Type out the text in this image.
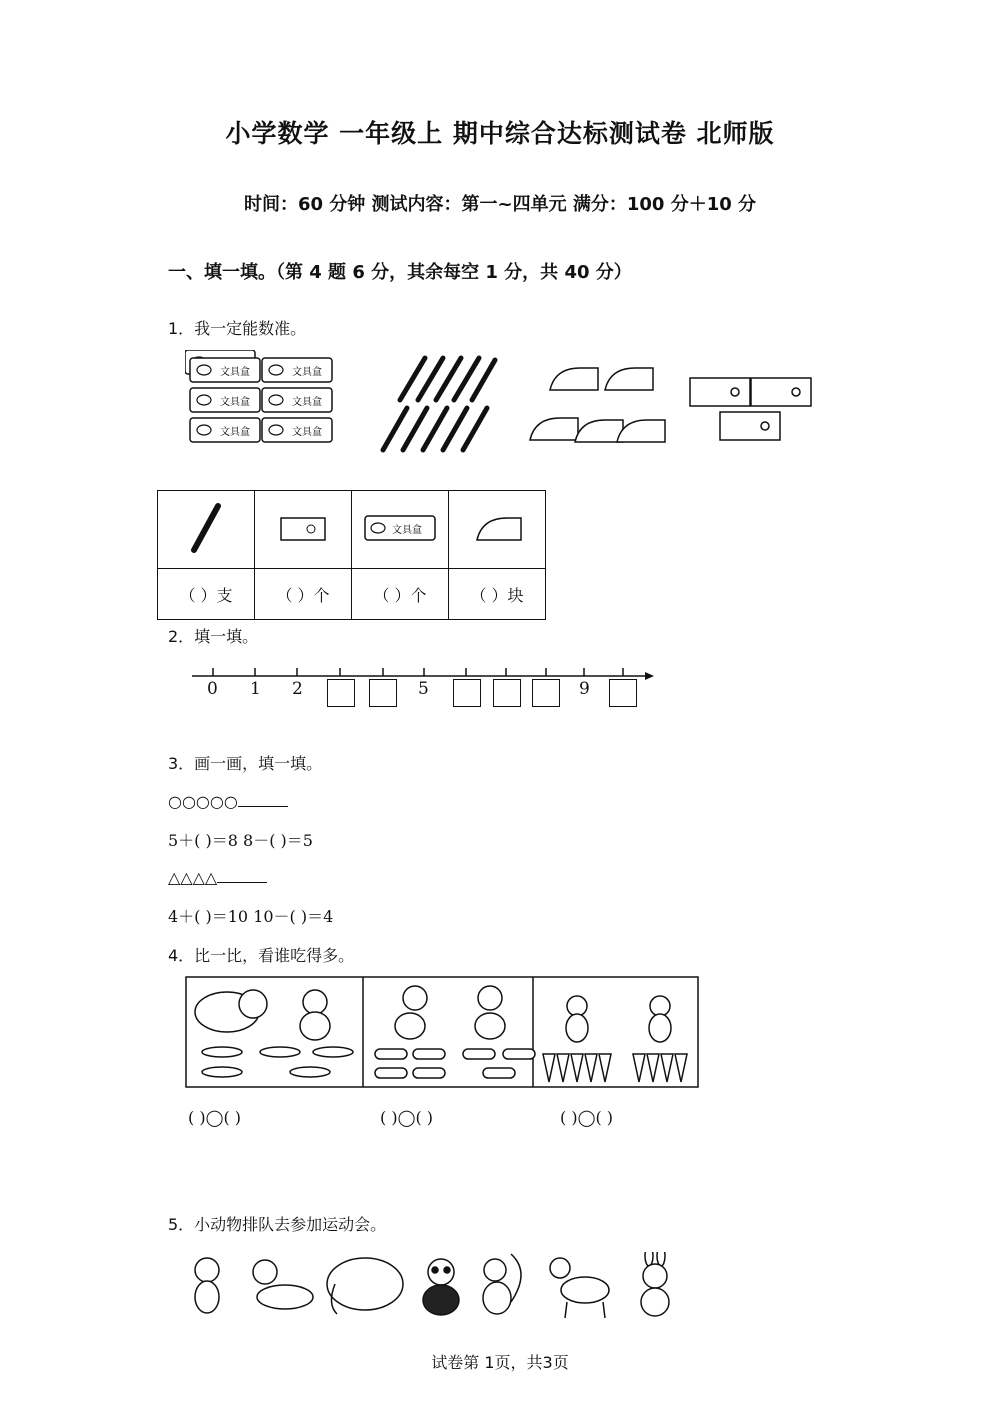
小学数学 一年级上 期中综合达标测试卷 北师版
时间：60 分钟 测试内容：第一~四单元 满分：100 分＋10 分
一、填一填。（第 4 题 6 分，其余每空 1 分，共 40 分）
1．我一定能数准。
文具盒	文具盒
文具盒	文具盒
文具盒	文具盒

文具盒

（ ）支	（ ）个	（ ）个	（ ）块
2．填一填。
0 1 2	5	9
3．画一画，填一填。
○○○○○
5＋( )＝8 8－( )＝5
△△△△
4＋( )＝10 10－( )＝4
4．比一比，看谁吃得多。
( )◯( )	( )◯( )	( )◯( )
5．小动物排队去参加运动会。
试卷第 1页，共3页
